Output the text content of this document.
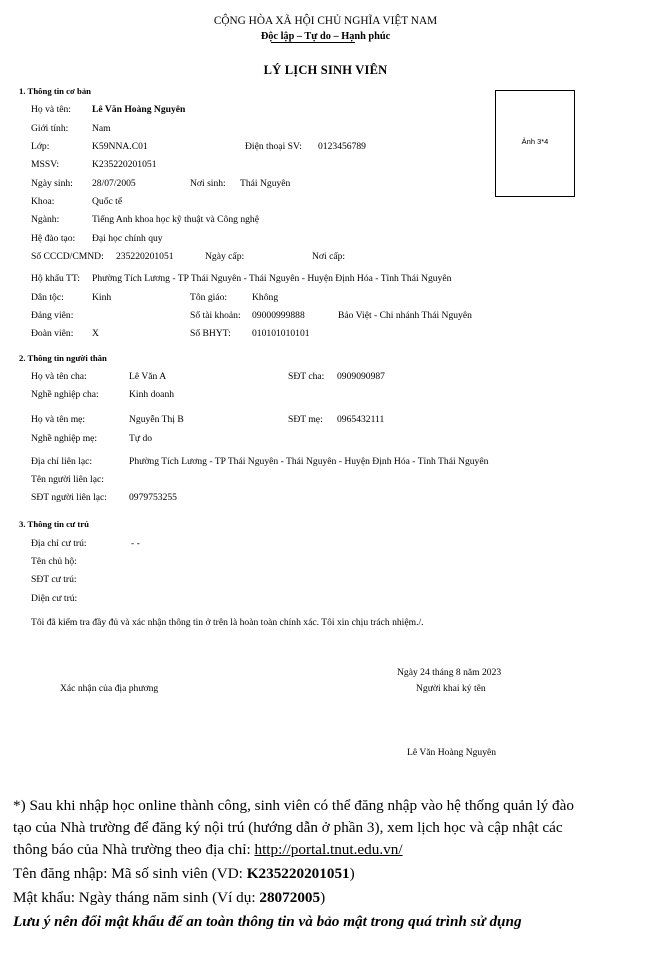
CỘNG HÒA XÃ HỘI CHỦ NGHĨA VIỆT NAM
Độc lập – Tự do – Hạnh phúc
LÝ LỊCH SINH VIÊN
Ảnh 3*4
1. Thông tin cơ bản
Họ và tên: Lê Văn Hoàng Nguyên
Giới tính: Nam
Lớp:	K59NNA.C01	Điện thoại SV: 0123456789
MSSV:	K235220201051
Ngày sinh: 28/07/2005	Nơi sinh: Thái Nguyên
Khoa:	Quốc tế
Ngành:	Tiếng Anh khoa học kỹ thuật và Công nghệ
Hệ đào tạo: Đại học chính quy
Số CCCD/CMND: 235220201051	Ngày cấp:	Nơi cấp:
Hộ khẩu TT: Phường Tích Lương - TP Thái Nguyên - Thái Nguyên - Huyện Định Hóa - Tỉnh Thái Nguyên
Dân tộc:	Kinh	Tôn giáo:	Không
Đảng viên:	Số tài khoản: 09000999888	Bảo Việt - Chi nhánh Thái Nguyên
Đoàn viên: X	Số BHYT: 010101010101
2. Thông tin người thân
Họ và tên cha:	Lê Văn A	SĐT cha: 0909090987
Nghề nghiệp cha:	Kinh doanh
Họ và tên mẹ:	Nguyễn Thị B	SĐT mẹ: 0965432111
Nghề nghiệp mẹ:	Tự do
Địa chỉ liên lạc:	Phường Tích Lương - TP Thái Nguyên - Thái Nguyên - Huyện Định Hóa - Tỉnh Thái Nguyên
Tên người liên lạc:
SĐT người liên lạc: 0979753255
3. Thông tin cư trú
Địa chỉ cư trú:	- -
Tên chủ hộ:
SĐT cư trú:
Diện cư trú:
Tôi đã kiểm tra đầy đủ và xác nhận thông tin ở trên là hoàn toàn chính xác. Tôi xin chịu trách nhiệm./.
Ngày 24 tháng 8 năm 2023
Người khai ký tên
Xác nhận của địa phương
Lê Văn Hoàng Nguyên
*) Sau khi nhập học online thành công, sinh viên có thể đăng nhập vào hệ thống quản lý đào
tạo của Nhà trường để đăng ký nội trú (hướng dẫn ở phần 3), xem lịch học và cập nhật các
thông báo của Nhà trường theo địa chỉ: http://portal.tnut.edu.vn/
Tên đăng nhập: Mã số sinh viên (VD: K235220201051)
Mật khẩu: Ngày tháng năm sinh (Ví dụ: 28072005)
Lưu ý nên đổi mật khẩu để an toàn thông tin và bảo mật trong quá trình sử dụng
